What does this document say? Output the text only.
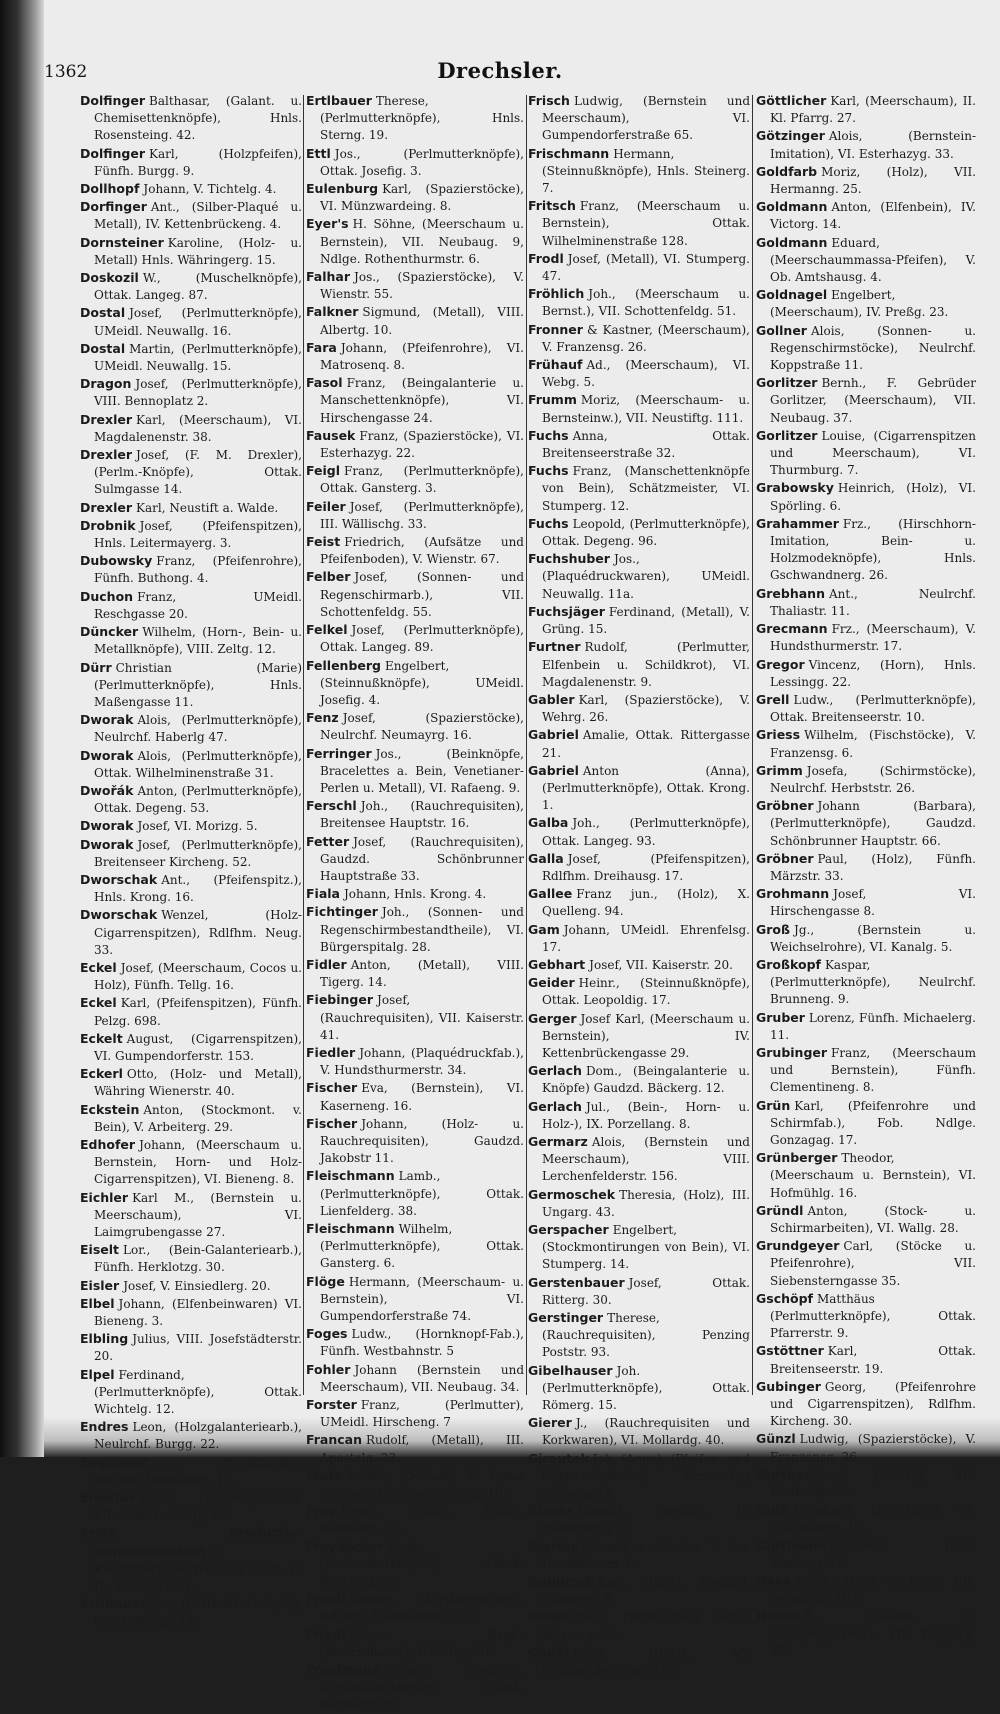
1362	Drechsler.

Dolfinger Balthasar, (Galant. u. Chemisettenknöpfe), Hnls. Rosensteing. 42.

Dolfinger Karl, (Holzpfeifen), Fünfh. Burgg. 9.

Dollhopf Johann, V. Tichtelg. 4.

Dorfinger Ant., (Silber-Plaqué u. Metall), IV. Kettenbrückeng. 4.

Dornsteiner Karoline, (Holz- u. Metall) Hnls. Währingerg. 15.

Doskozil W., (Muschelknöpfe), Ottak. Langeg. 87.

Dostal Josef, (Perlmutterknöpfe), UMeidl. Neuwallg. 16.

Dostal Martin, (Perlmutterknöpfe), UMeidl. Neuwallg. 15.

Dragon Josef, (Perlmutterknöpfe), VIII. Bennoplatz 2.

Drexler Karl, (Meerschaum), VI. Magdalenenstr. 38.

Drexler Josef, (F. M. Drexler), (Perlm.-Knöpfe), Ottak. Sulmgasse 14.

Drexler Karl, Neustift a. Walde.

Drobnik Josef, (Pfeifenspitzen), Hnls. Leitermayerg. 3.

Dubowsky Franz, (Pfeifenrohre), Fünfh. Buthong. 4.

Duchon Franz, UMeidl. Reschgasse 20.

Düncker Wilhelm, (Horn-, Bein- u. Metallknöpfe), VIII. Zeltg. 12.

Dürr Christian (Marie) (Perlmutterknöpfe), Hnls. Maßengasse 11.

Dworak Alois, (Perlmutterknöpfe), Neulrchf. Haberlg 47.

Dworak Alois, (Perlmutterknöpfe), Ottak. Wilhelminenstraße 31.

Dwořák Anton, (Perlmutterknöpfe), Ottak. Degeng. 53.

Dworak Josef, VI. Morizg. 5.

Dworak Josef, (Perlmutterknöpfe), Breitenseer Kircheng. 52.

Dworschak Ant., (Pfeifenspitz.), Hnls. Krong. 16.

Dworschak Wenzel, (Holz-Cigarrenspitzen), Rdlfhm. Neug. 33.

Eckel Josef, (Meerschaum, Cocos u. Holz), Fünfh. Tellg. 16.

Eckel Karl, (Pfeifenspitzen), Fünfh. Pelzg. 698.

Eckelt August, (Cigarrenspitzen), VI. Gumpendorferstr. 153.

Eckerl Otto, (Holz- und Metall), Währing Wienerstr. 40.

Eckstein Anton, (Stockmont. v. Bein), V. Arbeiterg. 29.

Edhofer Johann, (Meerschaum u. Bernstein, Horn- und Holz-Cigarrenspitzen), VI. Bieneng. 8.

Eichler Karl M., (Bernstein u. Meerschaum), VI. Laimgrubengasse 27.

Eiselt Lor., (Bein-Galanteriearb.), Fünfh. Herklotzg. 30.

Eisler Josef, V. Einsiedlerg. 20.

Elbel Johann, (Elfenbeinwaren) VI. Bieneng. 3.

Elbling Julius, VIII. Josefstädterstr. 20.

Elpel Ferdinand, (Perlmutterknöpfe), Ottak. Wichtelg. 12.

Endres Leon, (Holzgalanteriearb.), Neulrchf. Burgg. 22.

Englinger Joh., (Beinknöpfe), Rdlfhm. Dreihausg. 13.

Erselius Ernst, (Jagdrequisiten), VII. Schottenfeldg. 67.

Erste Productiv-Genossenschaft d. Knopfdrechsler Wiens, r. G. m. b. H., in Ottakring.

Ertlbauer Jos., (Perlmutterknöpfe), Ottak. Waitg. 43.

Ertlbauer Therese, (Perlmutterknöpfe), Hnls. Sterng. 19.

Ettl Jos., (Perlmutterknöpfe), Ottak. Josefig. 3.

Eulenburg Karl, (Spazierstöcke), VI. Münzwardeing. 8.

Eyer's H. Söhne, (Meerschaum u. Bernstein), VII. Neubaug. 9, Ndlge. Rothenthurmstr. 6.

Falhar Jos., (Spazierstöcke), V. Wienstr. 55.

Falkner Sigmund, (Metall), VIII. Albertg. 10.

Fara Johann, (Pfeifenrohre), VI. Matrosenq. 8.

Fasol Franz, (Beingalanterie u. Manschettenknöpfe), VI. Hirschengasse 24.

Fausek Franz, (Spazierstöcke), VI. Esterhazyg. 22.

Feigl Franz, (Perlmutterknöpfe), Ottak. Gansterg. 3.

Feiler Josef, (Perlmutterknöpfe), III. Wällischg. 33.

Feist Friedrich, (Aufsätze und Pfeifenboden), V. Wienstr. 67.

Felber Josef, (Sonnen- und Regenschirmarb.), VII. Schottenfeldg. 55.

Felkel Josef, (Perlmutterknöpfe), Ottak. Langeg. 89.

Fellenberg Engelbert, (Steinnußknöpfe), UMeidl. Josefig. 4.

Fenz Josef, (Spazierstöcke), Neulrchf. Neumayrg. 16.

Ferringer Jos., (Beinknöpfe, Bracelettes a. Bein, Venetianer-Perlen u. Metall), VI. Rafaeng. 9.

Ferschl Joh., (Rauchrequisiten), Breitensee Hauptstr. 16.

Fetter Josef, (Rauchrequisiten), Gaudzd. Schönbrunner Hauptstraße 33.

Fiala Johann, Hnls. Krong. 4.

Fichtinger Joh., (Sonnen- und Regenschirmbestandtheile), VI. Bürgerspitalg. 28.

Fidler Anton, (Metall), VIII. Tigerg. 14.

Fiebinger Josef, (Rauchrequisiten), VII. Kaiserstr. 41.

Fiedler Johann, (Plaquédruckfab.), V. Hundsthurmerstr. 34.

Fischer Eva, (Bernstein), VI. Kaserneng. 16.

Fischer Johann, (Holz- u. Rauchrequisiten), Gaudzd. Jakobstr 11.

Fleischmann Lamb., (Perlmutterknöpfe), Ottak. Lienfelderg. 38.

Fleischmann Wilhelm, (Perlmutterknöpfe), Ottak. Gansterg. 6.

Flöge Hermann, (Meerschaum- u. Bernstein), VI. Gumpendorferstraße 74.

Foges Ludw., (Hornknopf-Fab.), Fünfh. Westbahnstr. 5

Fohler Johann (Bernstein und Meerschaum), VII. Neubaug. 34.

Forster Franz, (Perlmutter), UMeidl. Hirscheng. 7

Francan Rudolf, (Metall), III. Apostelg. 23.

Fratz Amalie, (Metall), F. Ignaz Sommer, V. Schwarzhorng. 10.

Frey Franz, (Holz), Fünfh. Blütheng. 11.

Freydecker Alois, (Perlmutterknöpfe), Ottak. Wichtelg. 25.

Friedl Johann, (Klystierspitzen), Rdlfhm. Eisenbahnstr. 15.

Friedl Johann Bapt., (Meerschaum), V. Grüng. 31.

Friedmann Johann Friedrich, (Perlmutterknöpfe), Ottak. Wagnerg. 39.

Frisch Ludwig, (Bernstein und Meerschaum), VI. Gumpendorferstraße 65.

Frischmann Hermann, (Steinnußknöpfe), Hnls. Steinerg. 7.

Fritsch Franz, (Meerschaum u. Bernstein), Ottak. Wilhelminenstraße 128.

Frodl Josef, (Metall), VI. Stumperg. 47.

Fröhlich Joh., (Meerschaum u. Bernst.), VII. Schottenfeldg. 51.

Fronner & Kastner, (Meerschaum), V. Franzensg. 26.

Frühauf Ad., (Meerschaum), VI. Webg. 5.

Frumm Moriz, (Meerschaum- u. Bernsteinw.), VII. Neustiftg. 111.

Fuchs Anna, Ottak. Breitenseerstraße 32.

Fuchs Franz, (Manschettenknöpfe von Bein), Schätzmeister, VI. Stumperg. 12.

Fuchs Leopold, (Perlmutterknöpfe), Ottak. Degeng. 96.

Fuchshuber Jos., (Plaquédruckwaren), UMeidl. Neuwallg. 11a.

Fuchsjäger Ferdinand, (Metall), V. Grüng. 15.

Furtner Rudolf, (Perlmutter, Elfenbein u. Schildkrot), VI. Magdalenenstr. 9.

Gabler Karl, (Spazierstöcke), V. Wehrg. 26.

Gabriel Amalie, Ottak. Rittergasse 21.

Gabriel Anton (Anna), (Perlmutterknöpfe), Ottak. Krong. 1.

Galba Joh., (Perlmutterknöpfe), Ottak. Langeg. 93.

Galla Josef, (Pfeifenspitzen), Rdlfhm. Dreihausg. 17.

Gallee Franz jun., (Holz), X. Quelleng. 94.

Gam Johann, UMeidl. Ehrenfelsg. 17.

Gebhart Josef, VII. Kaiserstr. 20.

Geider Heinr., (Steinnußknöpfe), Ottak. Leopoldig. 17.

Gerger Josef Karl, (Meerschaum u. Bernstein), IV. Kettenbrückengasse 29.

Gerlach Dom., (Beingalanterie u. Knöpfe) Gaudzd. Bäckerg. 12.

Gerlach Jul., (Bein-, Horn- u. Holz-), IX. Porzellang. 8.

Germarz Alois, (Bernstein und Meerschaum), VIII. Lerchenfelderstr. 156.

Germoschek Theresia, (Holz), III. Ungarg. 43.

Gerspacher Engelbert, (Stockmontirungen von Bein), VI. Stumperg. 14.

Gerstenbauer Josef, Ottak. Ritterg. 30.

Gerstinger Therese, (Rauchrequisiten), Penzing Poststr. 93.

Gibelhauser Joh. (Perlmutterknöpfe), Ottak. Römerg. 15.

Gierer J., (Rauchrequisiten und Korkwaren), VI. Mollardg. 40.

Gjrautek Joh. (Anna), (Pfeifen- und Cigarrenspitzen), Simmering Sulzweg 19.

Glaser Markus, (Metall), II. Hermineng. 9.

Glatter Eduard, a. Nadler, V. Am Hundsthurm 4.

Goblirsch Karl, (Holz), Gaudzd. Gärtnerg. 8.

Goder Josef, (Perlmutter), Hnls. Wasserg. 29.

Gödel Josef, (Holz), VI. Gumpendorferstr. 109.

Göttlicher Karl, (Meerschaum), II. Kl. Pfarrg. 27.

Götzinger Alois, (Bernstein-Imitation), VI. Esterhazyg. 33.

Goldfarb Moriz, (Holz), VII. Hermanng. 25.

Goldmann Anton, (Elfenbein), IV. Victorg. 14.

Goldmann Eduard, (Meerschaummassa-Pfeifen), V. Ob. Amtshausg. 4.

Goldnagel Engelbert, (Meerschaum), IV. Preßg. 23.

Gollner Alois, (Sonnen- u. Regenschirmstöcke), Neulrchf. Koppstraße 11.

Gorlitzer Bernh., F. Gebrüder Gorlitzer, (Meerschaum), VII. Neubaug. 37.

Gorlitzer Louise, (Cigarrenspitzen und Meerschaum), VI. Thurmburg. 7.

Grabowsky Heinrich, (Holz), VI. Spörling. 6.

Grahammer Frz., (Hirschhorn-Imitation, Bein- u. Holzmodeknöpfe), Hnls. Gschwandnerg. 26.

Grebhann Ant., Neulrchf. Thaliastr. 11.

Grecmann Frz., (Meerschaum), V. Hundsthurmerstr. 17.

Gregor Vincenz, (Horn), Hnls. Lessingg. 22.

Grell Ludw., (Perlmutterknöpfe), Ottak. Breitenseerstr. 10.

Griess Wilhelm, (Fischstöcke), V. Franzensg. 6.

Grimm Josefa, (Schirmstöcke), Neulrchf. Herbststr. 26.

Gröbner Johann (Barbara), (Perlmutterknöpfe), Gaudzd. Schönbrunner Hauptstr. 66.

Gröbner Paul, (Holz), Fünfh. Märzstr. 33.

Grohmann Josef, VI. Hirschengasse 8.

Groß Jg., (Bernstein u. Weichselrohre), VI. Kanalg. 5.

Großkopf Kaspar, (Perlmutterknöpfe), Neulrchf. Brunneng. 9.

Gruber Lorenz, Fünfh. Michaelerg. 11.

Grubinger Franz, (Meerschaum und Bernstein), Fünfh. Clementineng. 8.

Grün Karl, (Pfeifenrohre und Schirmfab.), Fob. Ndlge. Gonzagag. 17.

Grünberger Theodor, (Meerschaum u. Bernstein), VI. Hofmühlg. 16.

Gründl Anton, (Stock- u. Schirmarbeiten), VI. Wallg. 28.

Grundgeyer Carl, (Stöcke u. Pfeifenrohre), VII. Siebensterngasse 35.

Gschöpf Matthäus (Perlmutterknöpfe), Ottak. Pfarrerstr. 9.

Gstöttner Karl, Ottak. Breitenseerstr. 19.

Gubinger Georg, (Pfeifenrohre und Cigarrenspitzen), Rdlfhm. Kircheng. 30.

Günzl Ludwig, (Spazierstöcke), V. Franzensg. 26.

Gurtner Josef, (Metall), VII. Neubaug. 56.

Guth Bernhard, (Bernstein), VI. Thurmburg. 10.

Guttmann Adalbert, Hnls. Marieng. 12.

Haas Anton, (Holz u. Bein), VII. Neustiftg. 102.

Haase B., (Galant. u. Stempelgraveur), VII. Zieglerg. 37.
